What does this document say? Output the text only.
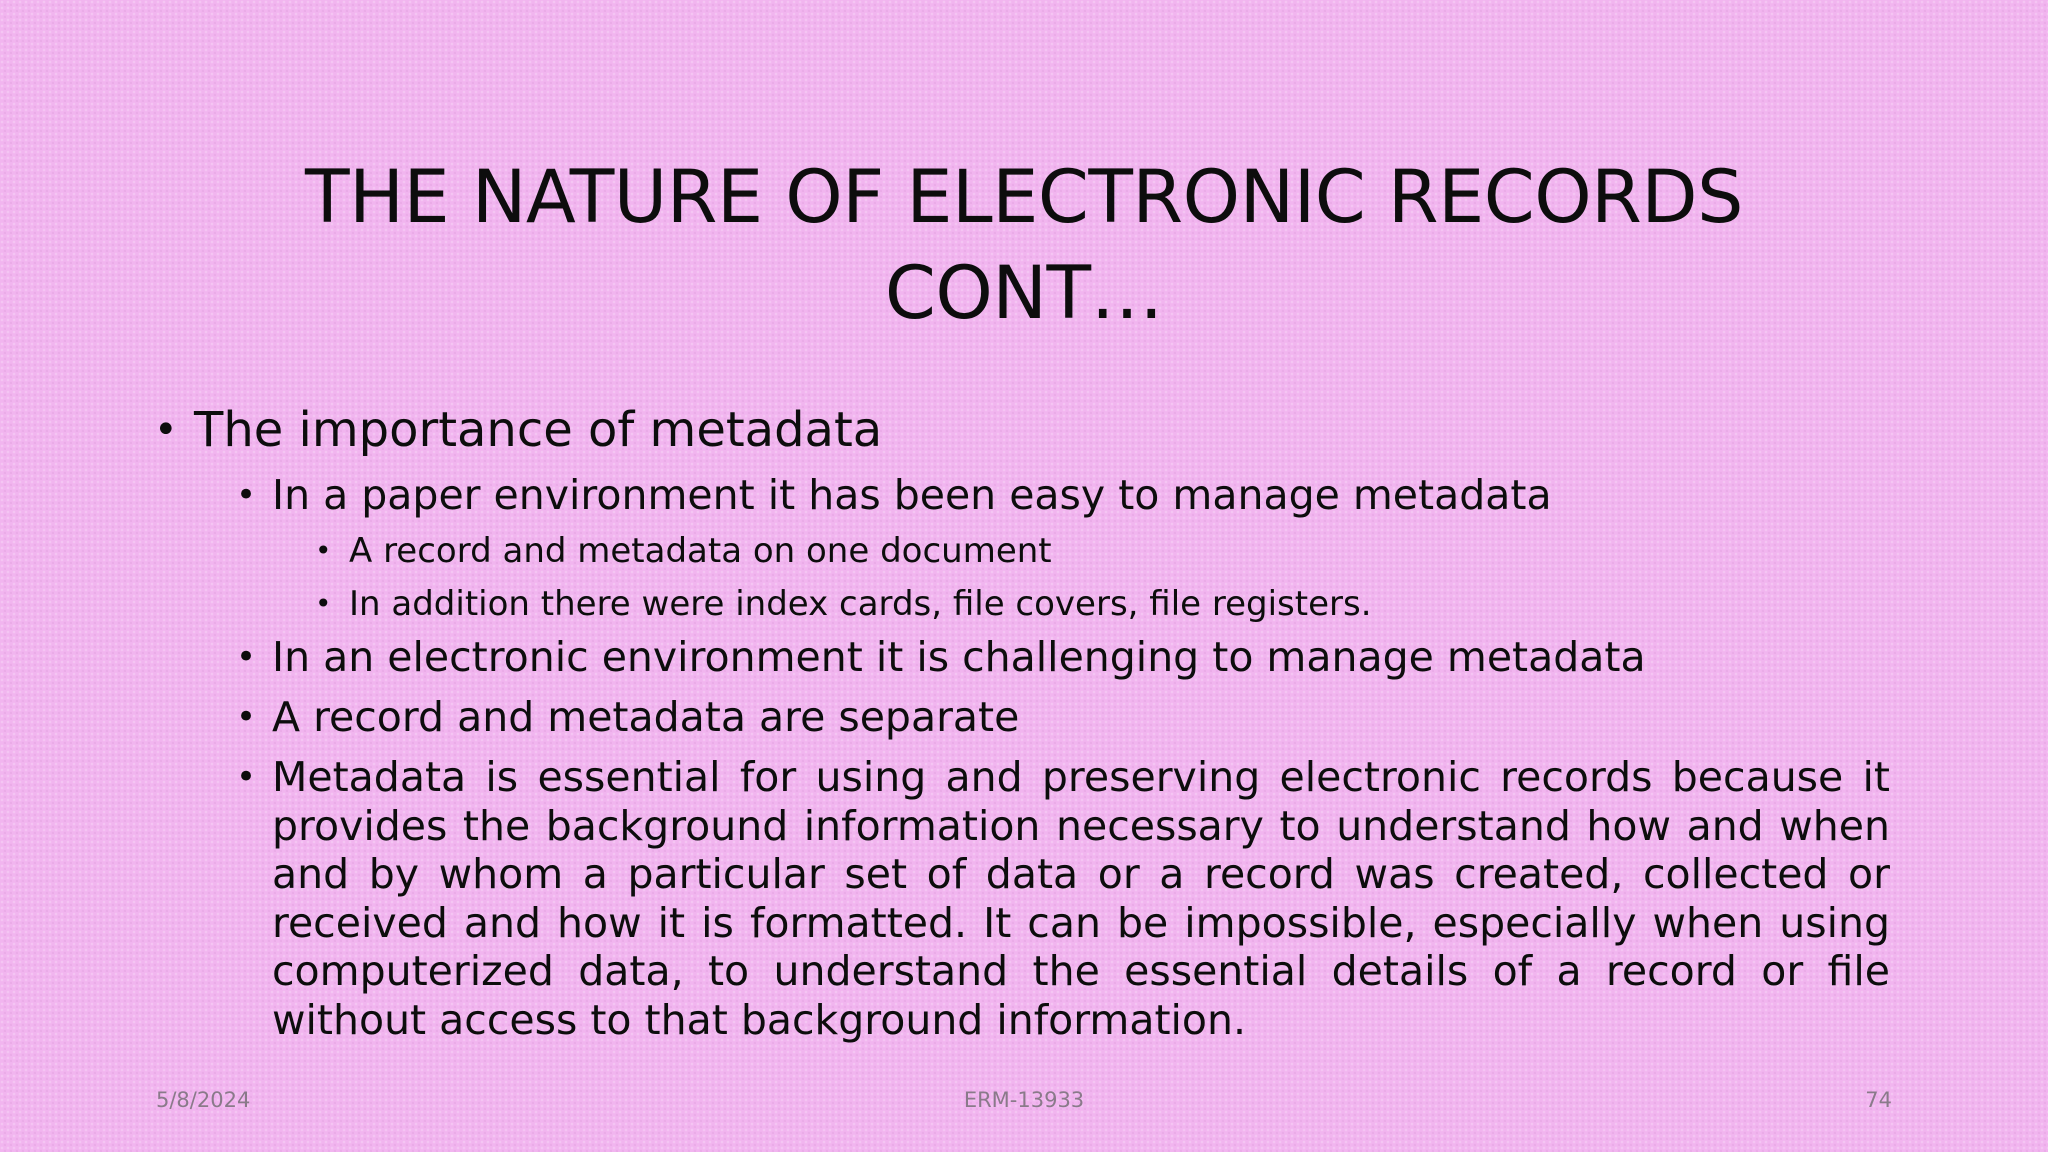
THE NATURE OF ELECTRONIC RECORDS CONT…
• The importance of metadata
• In a paper environment it has been easy to manage metadata
• A record and metadata on one document
• In addition there were index cards, file covers, file registers.
• In an electronic environment it is challenging to manage metadata
• A record and metadata are separate
• Metadata is essential for using and preserving electronic records because it provides the background information necessary to understand how and when and by whom a particular set of data or a record was created, collected or received and how it is formatted. It can be impossible, especially when using computerized data, to understand the essential details of a record or file without access to that background information.
5/8/2024	ERM-13933	74
